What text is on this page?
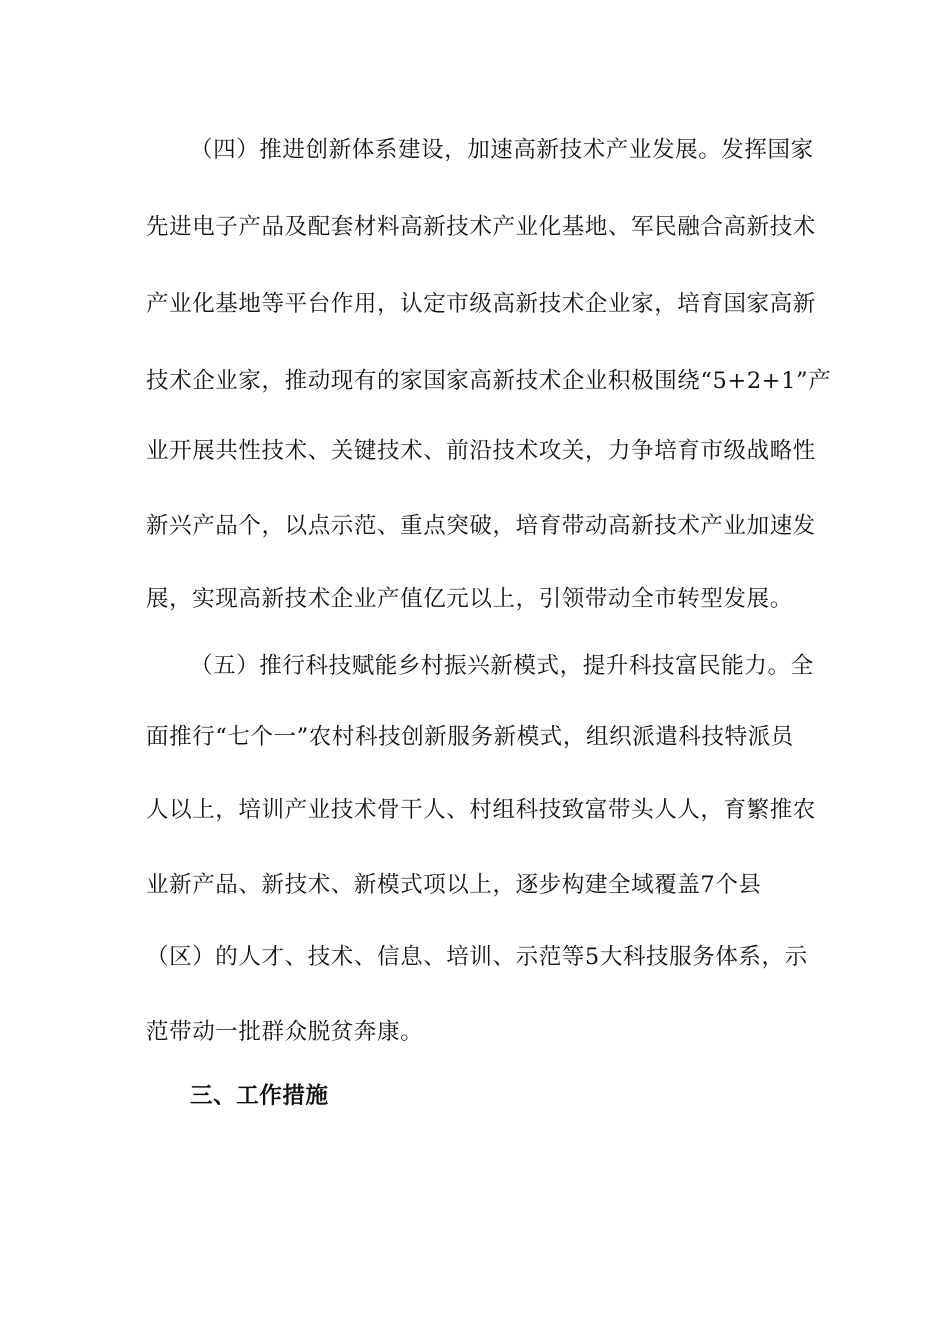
（四）推进创新体系建设，加速高新技术产业发展。发挥国家
先进电子产品及配套材料高新技术产业化基地、军民融合高新技术
产业化基地等平台作用，认定市级高新技术企业家，培育国家高新
技术企业家，推动现有的家国家高新技术企业积极围绕“5+2+1”产
业开展共性技术、关键技术、前沿技术攻关，力争培育市级战略性
新兴产品个，以点示范、重点突破，培育带动高新技术产业加速发
展，实现高新技术企业产值亿元以上，引领带动全市转型发展。
（五）推行科技赋能乡村振兴新模式，提升科技富民能力。全
面推行“七个一”农村科技创新服务新模式，组织派遣科技特派员
人以上，培训产业技术骨干人、村组科技致富带头人人，育繁推农
业新产品、新技术、新模式项以上，逐步构建全域覆盖7个县
（区）的人才、技术、信息、培训、示范等5大科技服务体系，示
范带动一批群众脱贫奔康。
三、工作措施
